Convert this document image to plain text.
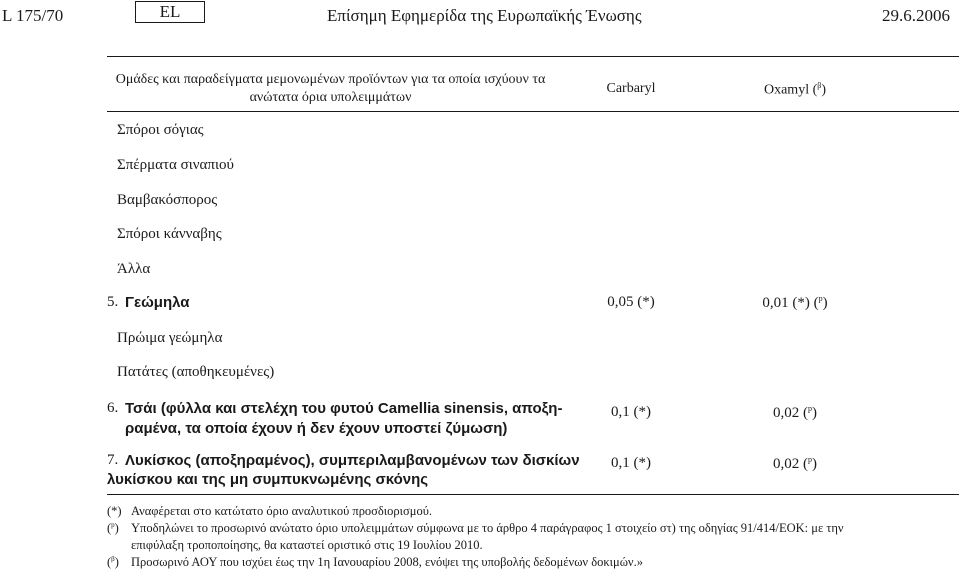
L 175/70	EL	Επίσημη Εφημερίδα της Ευρωπαϊκής Ένωσης	29.6.2006
Ομάδες και παραδείγματα μεμονωμένων προϊόντων για τα οποία ισχύουν τα
ανώτατα όρια υπολειμμάτων
Carbaryl	Oxamyl ($^\beta$)
Σπόροι σόγιας
Σπέρματα σιναπιού
Βαμβακόσπορος
Σπόροι κάνναβης
Άλλα
5. Γεώμηλα	0,05 (*)	0,01 (*) ($^p$)
Πρώιμα γεώμηλα
Πατάτες (αποθηκευμένες)
6. Τσάι (φύλλα και στελέχη του φυτού Camellia sinensis, αποξη-
ραμένα, τα οποία έχουν ή δεν έχουν υποστεί ζύμωση)
0,1 (*)	0,02 ($^p$)
7. Λυκίσκος (αποξηραμένος), συμπεριλαμβανομένων των δισκίων
λυκίσκου και της μη συμπυκνωμένης σκόνης
0,1 (*)	0,02 ($^p$)
(*) Αναφέρεται στο κατώτατο όριο αναλυτικού προσδιορισμού.
($^p$) Υποδηλώνει το προσωρινό ανώτατο όριο υπολειμμάτων σύμφωνα με το άρθρο 4 παράγραφος 1 στοιχείο στ) της οδηγίας 91/414/ΕΟΚ: με την
επιφύλαξη τροποποίησης, θα καταστεί οριστικό στις 19 Ιουλίου 2010.
($^\beta$) Προσωρινό ΑΟΥ που ισχύει έως την 1η Ιανουαρίου 2008, ενόψει της υποβολής δεδομένων δοκιμών.»
